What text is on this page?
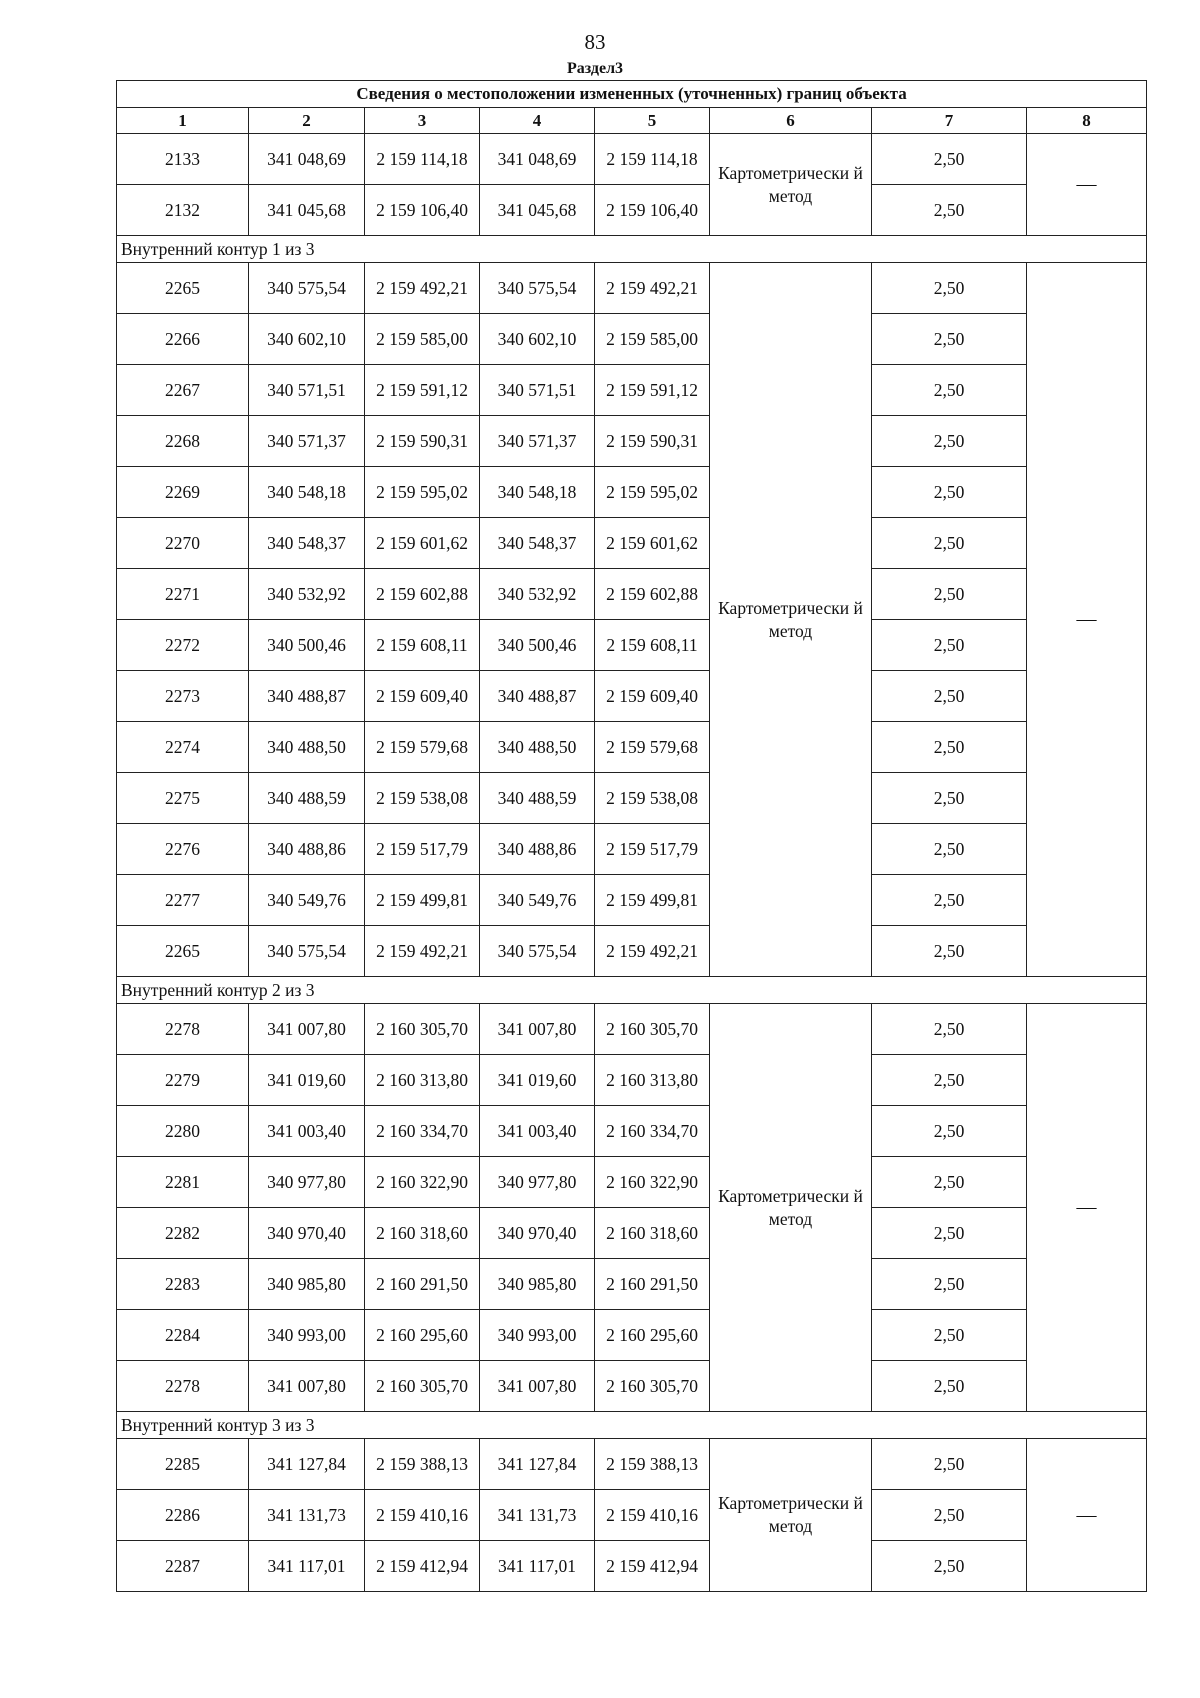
83
Раздел3
Сведения о местоположении измененных (уточненных) границ объекта							
1	2	3	4	5	6	7	8
2133	341 048,69	2 159 114,18	341 048,69	2 159 114,18	Картометрически й метод	2,50	—
2132	341 045,68	2 159 106,40	341 045,68	2 159 106,40		2,50	
Внутренний контур 1 из 3							
2265	340 575,54	2 159 492,21	340 575,54	2 159 492,21	Картометрически й метод	2,50	—
2266	340 602,10	2 159 585,00	340 602,10	2 159 585,00		2,50	
2267	340 571,51	2 159 591,12	340 571,51	2 159 591,12		2,50	
2268	340 571,37	2 159 590,31	340 571,37	2 159 590,31		2,50	
2269	340 548,18	2 159 595,02	340 548,18	2 159 595,02		2,50	
2270	340 548,37	2 159 601,62	340 548,37	2 159 601,62		2,50	
2271	340 532,92	2 159 602,88	340 532,92	2 159 602,88		2,50	
2272	340 500,46	2 159 608,11	340 500,46	2 159 608,11		2,50	
2273	340 488,87	2 159 609,40	340 488,87	2 159 609,40		2,50	
2274	340 488,50	2 159 579,68	340 488,50	2 159 579,68		2,50	
2275	340 488,59	2 159 538,08	340 488,59	2 159 538,08		2,50	
2276	340 488,86	2 159 517,79	340 488,86	2 159 517,79		2,50	
2277	340 549,76	2 159 499,81	340 549,76	2 159 499,81		2,50	
2265	340 575,54	2 159 492,21	340 575,54	2 159 492,21		2,50	
Внутренний контур 2 из 3							
2278	341 007,80	2 160 305,70	341 007,80	2 160 305,70	Картометрически й метод	2,50	—
2279	341 019,60	2 160 313,80	341 019,60	2 160 313,80		2,50	
2280	341 003,40	2 160 334,70	341 003,40	2 160 334,70		2,50	
2281	340 977,80	2 160 322,90	340 977,80	2 160 322,90		2,50	
2282	340 970,40	2 160 318,60	340 970,40	2 160 318,60		2,50	
2283	340 985,80	2 160 291,50	340 985,80	2 160 291,50		2,50	
2284	340 993,00	2 160 295,60	340 993,00	2 160 295,60		2,50	
2278	341 007,80	2 160 305,70	341 007,80	2 160 305,70		2,50	
Внутренний контур 3 из 3							
2285	341 127,84	2 159 388,13	341 127,84	2 159 388,13	Картометрически й метод	2,50	—
2286	341 131,73	2 159 410,16	341 131,73	2 159 410,16		2,50	
2287	341 117,01	2 159 412,94	341 117,01	2 159 412,94		2,50	
